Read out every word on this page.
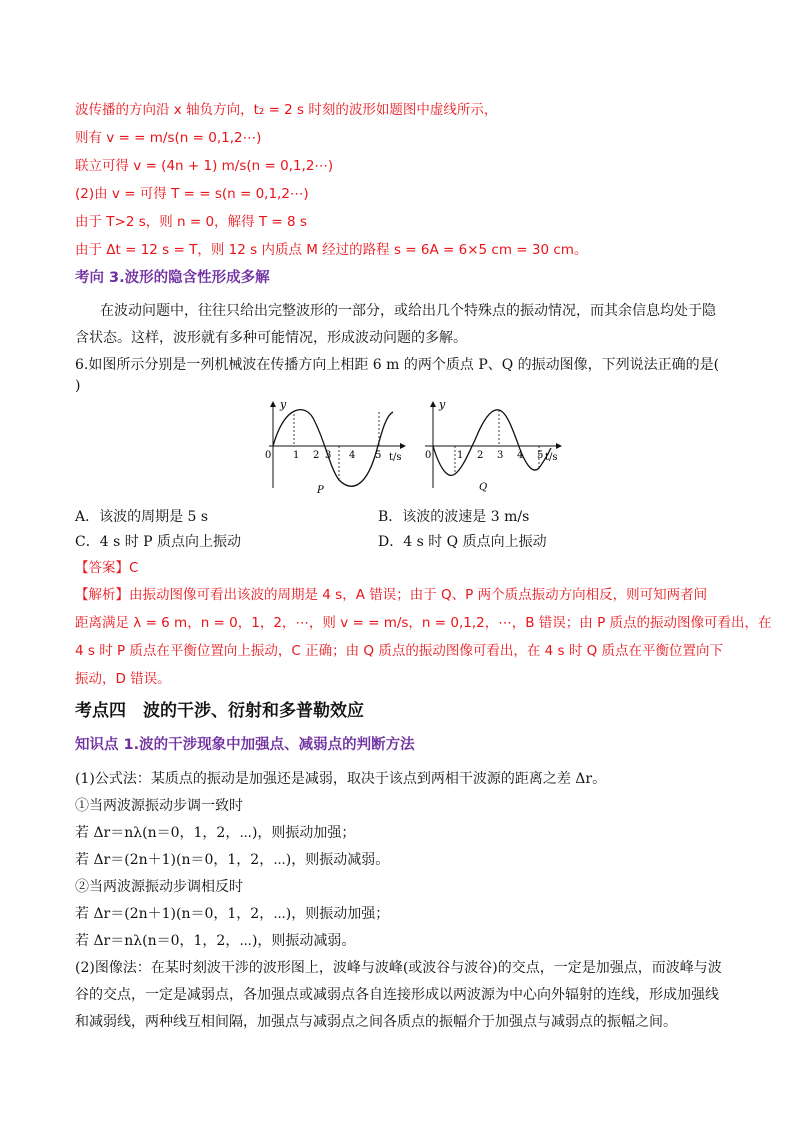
波传播的方向沿 x 轴负方向，t₂ = 2 s 时刻的波形如题图中虚线所示，
则有 v = = m/s(n = 0,1,2⋯)
联立可得 v = (4n + 1) m/s(n = 0,1,2⋯)
(2)由 v = 可得 T = = s(n = 0,1,2⋯)
由于 T>2 s，则 n = 0，解得 T = 8 s
由于 Δt = 12 s = T，则 12 s 内质点 M 经过的路程 s = 6A = 6×5 cm = 30 cm。
考向 3.波形的隐含性形成多解
在波动问题中，往往只给出完整波形的一部分，或给出几个特殊点的振动情况，而其余信息均处于隐
含状态。这样，波形就有多种可能情况，形成波动问题的多解。
6.如图所示分别是一列机械波在传播方向上相距 6 m 的两个质点 P、Q 的振动图像，下列说法正确的是(
)
y
t/s
0 1 2 3 4 5
P
y
t/s
0	1 2 3 4 5
Q
A．该波的周期是 5 s	B．该波的波速是 3 m/s
C．4 s 时 P 质点向上振动	D．4 s 时 Q 质点向上振动
【答案】C
【解析】由振动图像可看出该波的周期是 4 s，A 错误；由于 Q、P 两个质点振动方向相反，则可知两者间
距离满足 λ = 6 m，n = 0，1，2，⋯，则 v = = m/s，n = 0,1,2，⋯，B 错误；由 P 质点的振动图像可看出，在
4 s 时 P 质点在平衡位置向上振动，C 正确；由 Q 质点的振动图像可看出，在 4 s 时 Q 质点在平衡位置向下
振动，D 错误。
考点四　波的干涉、衍射和多普勒效应
知识点 1.波的干涉现象中加强点、减弱点的判断方法
(1)公式法：某质点的振动是加强还是减弱，取决于该点到两相干波源的距离之差 Δr。
①当两波源振动步调一致时
若 Δr＝nλ(n＝0，1，2，⋯)，则振动加强；
若 Δr＝(2n＋1)(n＝0，1，2，⋯)，则振动减弱。
②当两波源振动步调相反时
若 Δr＝(2n＋1)(n＝0，1，2，⋯)，则振动加强；
若 Δr＝nλ(n＝0，1，2，⋯)，则振动减弱。
(2)图像法：在某时刻波干涉的波形图上，波峰与波峰(或波谷与波谷)的交点，一定是加强点，而波峰与波
谷的交点，一定是减弱点，各加强点或减弱点各自连接形成以两波源为中心向外辐射的连线，形成加强线
和减弱线，两种线互相间隔，加强点与减弱点之间各质点的振幅介于加强点与减弱点的振幅之间。
